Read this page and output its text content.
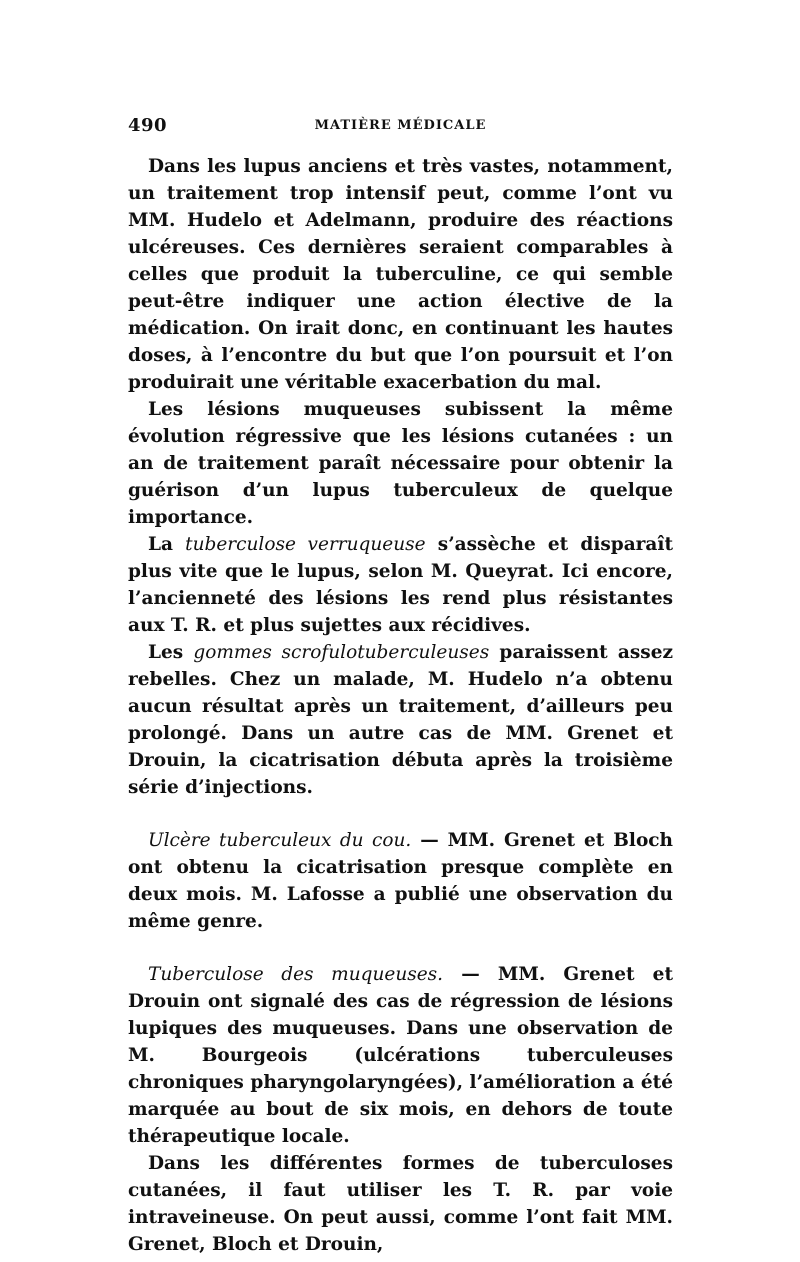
490	MATIÈRE MÉDICALE

Dans les lupus anciens et très vastes, notamment, un traitement trop intensif peut, comme l’ont vu MM. Hudelo et Adelmann, produire des réactions ulcéreuses. Ces dernières seraient comparables à celles que produit la tuberculine, ce qui semble peut-être indiquer une action élective de la médication. On irait donc, en continuant les hautes doses, à l’encontre du but que l’on poursuit et l’on produirait une véritable exacerbation du mal.

Les lésions muqueuses subissent la même évolution régressive que les lésions cutanées : un an de traitement paraît nécessaire pour obtenir la guérison d’un lupus tuberculeux de quelque importance.

La tuberculose verruqueuse s’assèche et disparaît plus vite que le lupus, selon M. Queyrat. Ici encore, l’ancienneté des lésions les rend plus résistantes aux T. R. et plus sujettes aux récidives.

Les gommes scrofulotuberculeuses paraissent assez rebelles. Chez un malade, M. Hudelo n’a obtenu aucun résultat après un traitement, d’ailleurs peu prolongé. Dans un autre cas de MM. Grenet et Drouin, la cicatrisation débuta après la troisième série d’injections.

Ulcère tuberculeux du cou. — MM. Grenet et Bloch ont obtenu la cicatrisation presque complète en deux mois. M. Lafosse a publié une observation du même genre.

Tuberculose des muqueuses. — MM. Grenet et Drouin ont signalé des cas de régression de lésions lupiques des muqueuses. Dans une observation de M. Bourgeois (ulcérations tuberculeuses chroniques pharyngolaryngées), l’amélioration a été marquée au bout de six mois, en dehors de toute thérapeutique locale.

Dans les différentes formes de tuberculoses cutanées, il faut utiliser les T. R. par voie intraveineuse. On peut aussi, comme l’ont fait MM. Grenet, Bloch et Drouin,
